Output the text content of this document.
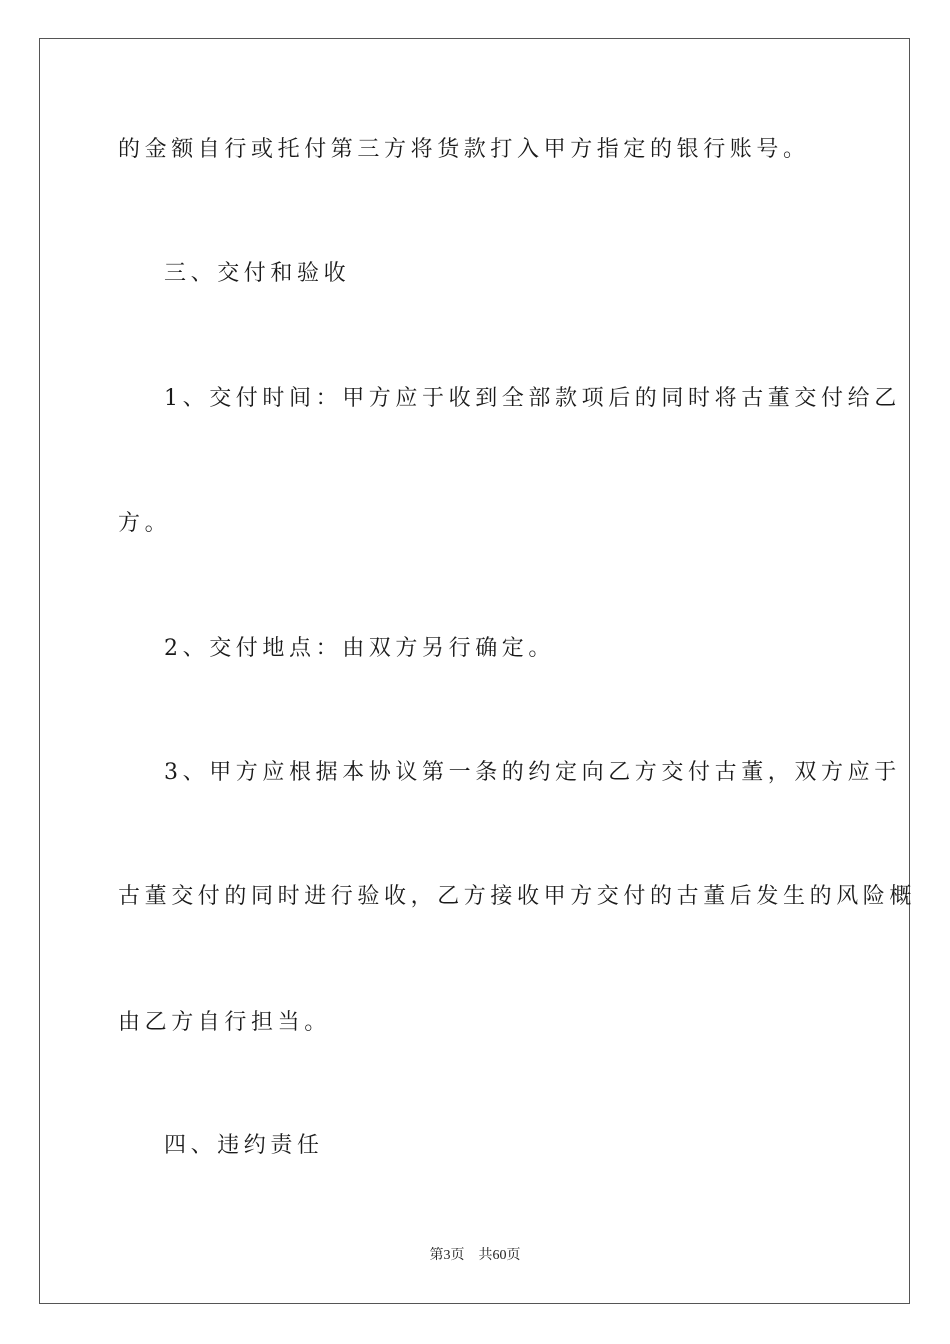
的金额自行或托付第三方将货款打入甲方指定的银行账号。
三、交付和验收
1、交付时间：甲方应于收到全部款项后的同时将古董交付给乙
方。
2、交付地点：由双方另行确定。
3、甲方应根据本协议第一条的约定向乙方交付古董，双方应于
古董交付的同时进行验收，乙方接收甲方交付的古董后发生的风险概
由乙方自行担当。
四、违约责任
第3页 共60页
